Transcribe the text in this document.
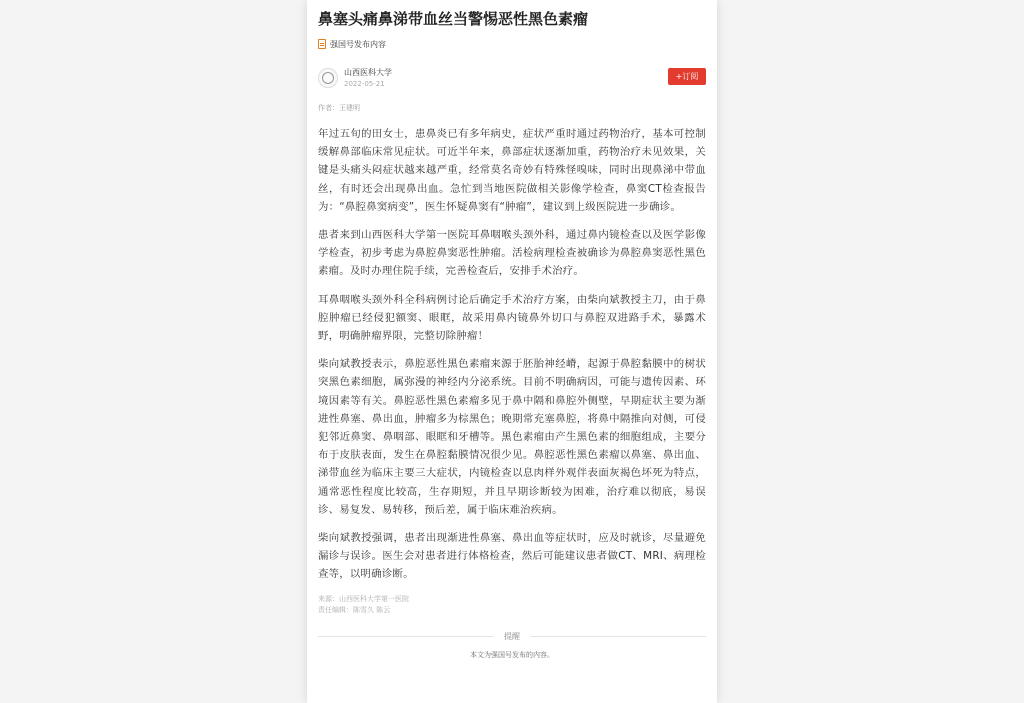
鼻塞头痛鼻涕带血丝当警惕恶性黑色素瘤
强国号发布内容
山西医科大学
2022-05-21
+订阅
作者：王建明

年过五旬的田女士，患鼻炎已有多年病史，症状严重时通过药物治疗，基本可控制缓解鼻部临床常见症状。可近半年来，鼻部症状逐渐加重，药物治疗未见效果，关键是头痛头闷症状越来越严重，经常莫名奇妙有特殊怪嗅味，同时出现鼻涕中带血丝，有时还会出现鼻出血。急忙到当地医院做相关影像学检查，鼻窦CT检查报告为：“鼻腔鼻窦病变”，医生怀疑鼻窦有“肿瘤”，建议到上级医院进一步确诊。

患者来到山西医科大学第一医院耳鼻咽喉头颈外科，通过鼻内镜检查以及医学影像学检查，初步考虑为鼻腔鼻窦恶性肿瘤。活检病理检查被确诊为鼻腔鼻窦恶性黑色素瘤。及时办理住院手续，完善检查后，安排手术治疗。

耳鼻咽喉头颈外科全科病例讨论后确定手术治疗方案，由柴向斌教授主刀，由于鼻腔肿瘤已经侵犯额窦、眼眶，故采用鼻内镜鼻外切口与鼻腔双进路手术，暴露术野，明确肿瘤界限，完整切除肿瘤！

柴向斌教授表示，鼻腔恶性黑色素瘤来源于胚胎神经嵴，起源于鼻腔黏膜中的树状突黑色素细胞，属弥漫的神经内分泌系统。目前不明确病因，可能与遗传因素、环境因素等有关。鼻腔恶性黑色素瘤多见于鼻中隔和鼻腔外侧壁，早期症状主要为渐进性鼻塞、鼻出血，肿瘤多为棕黑色；晚期常充塞鼻腔，将鼻中隔推向对侧，可侵犯邻近鼻窦、鼻咽部、眼眶和牙槽等。黑色素瘤由产生黑色素的细胞组成，主要分布于皮肤表面，发生在鼻腔黏膜情况很少见。鼻腔恶性黑色素瘤以鼻塞、鼻出血、涕带血丝为临床主要三大症状，内镜检查以息肉样外观伴表面灰褐色坏死为特点，通常恶性程度比较高，生存期短，并且早期诊断较为困难，治疗难以彻底，易误诊、易复发、易转移，预后差，属于临床难治疾病。

柴向斌教授强调，患者出现渐进性鼻塞、鼻出血等症状时，应及时就诊，尽量避免漏诊与误诊。医生会对患者进行体格检查，然后可能建议患者做CT、MRI、病理检查等，以明确诊断。

来源：山西医科大学第一医院
责任编辑：陈雪久 陈云
提醒
本文为强国号发布的内容。
